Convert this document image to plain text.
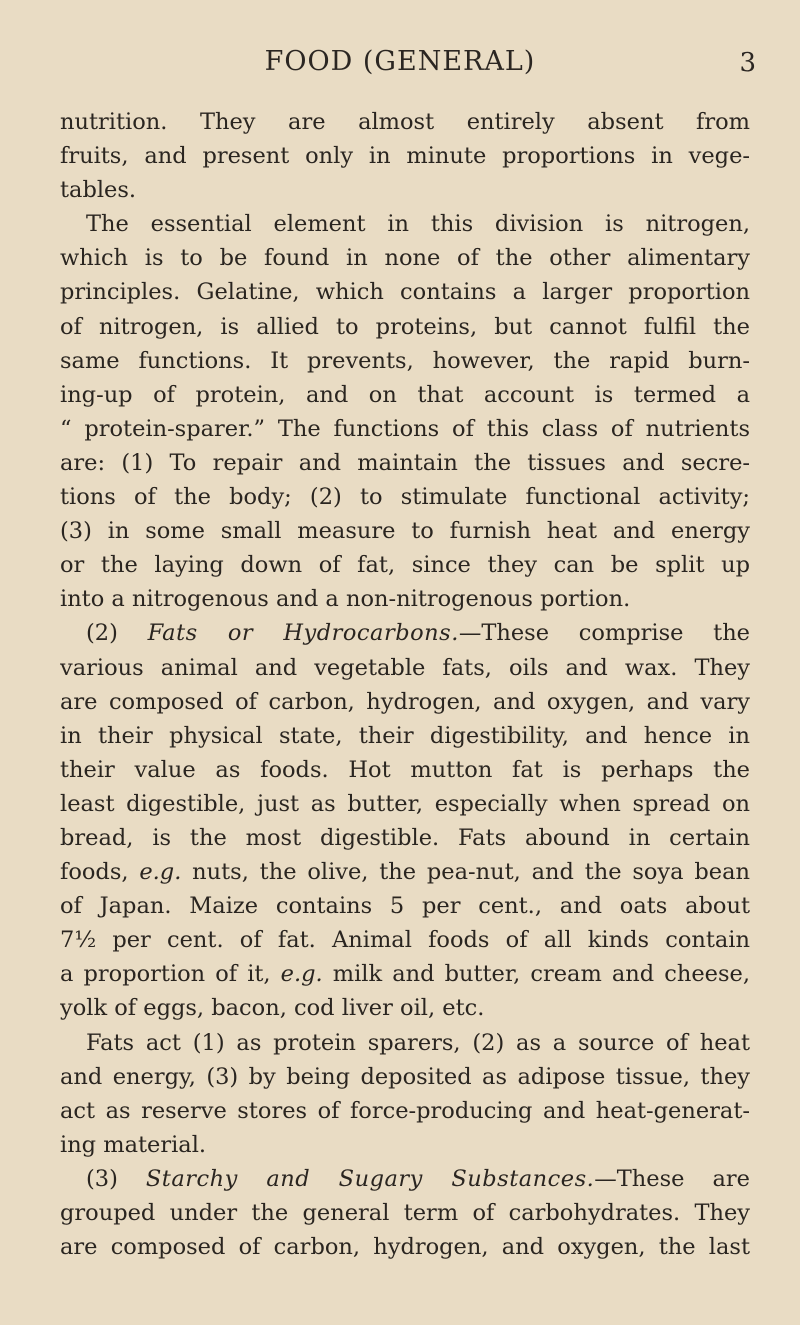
FOOD (GENERAL)	3
nutrition. They are almost entirely absent from
fruits, and present only in minute proportions in vege-
tables.
The essential element in this division is nitrogen,
which is to be found in none of the other alimentary
principles. Gelatine, which contains a larger proportion
of nitrogen, is allied to proteins, but cannot fulfil the
same functions. It prevents, however, the rapid burn-
ing-up of protein, and on that account is termed a
“ protein-sparer.” The functions of this class of nutrients
are: (1) To repair and maintain the tissues and secre-
tions of the body; (2) to stimulate functional activity;
(3) in some small measure to furnish heat and energy
or the laying down of fat, since they can be split up
into a nitrogenous and a non-nitrogenous portion.
(2) Fats or Hydrocarbons.—These comprise the
various animal and vegetable fats, oils and wax. They
are composed of carbon, hydrogen, and oxygen, and vary
in their physical state, their digestibility, and hence in
their value as foods. Hot mutton fat is perhaps the
least digestible, just as butter, especially when spread on
bread, is the most digestible. Fats abound in certain
foods, e.g. nuts, the olive, the pea-nut, and the soya bean
of Japan. Maize contains 5 per cent., and oats about
7½ per cent. of fat. Animal foods of all kinds contain
a proportion of it, e.g. milk and butter, cream and cheese,
yolk of eggs, bacon, cod liver oil, etc.
Fats act (1) as protein sparers, (2) as a source of heat
and energy, (3) by being deposited as adipose tissue, they
act as reserve stores of force-producing and heat-generat-
ing material.
(3) Starchy and Sugary Substances.—These are
grouped under the general term of carbohydrates. They
are composed of carbon, hydrogen, and oxygen, the last
